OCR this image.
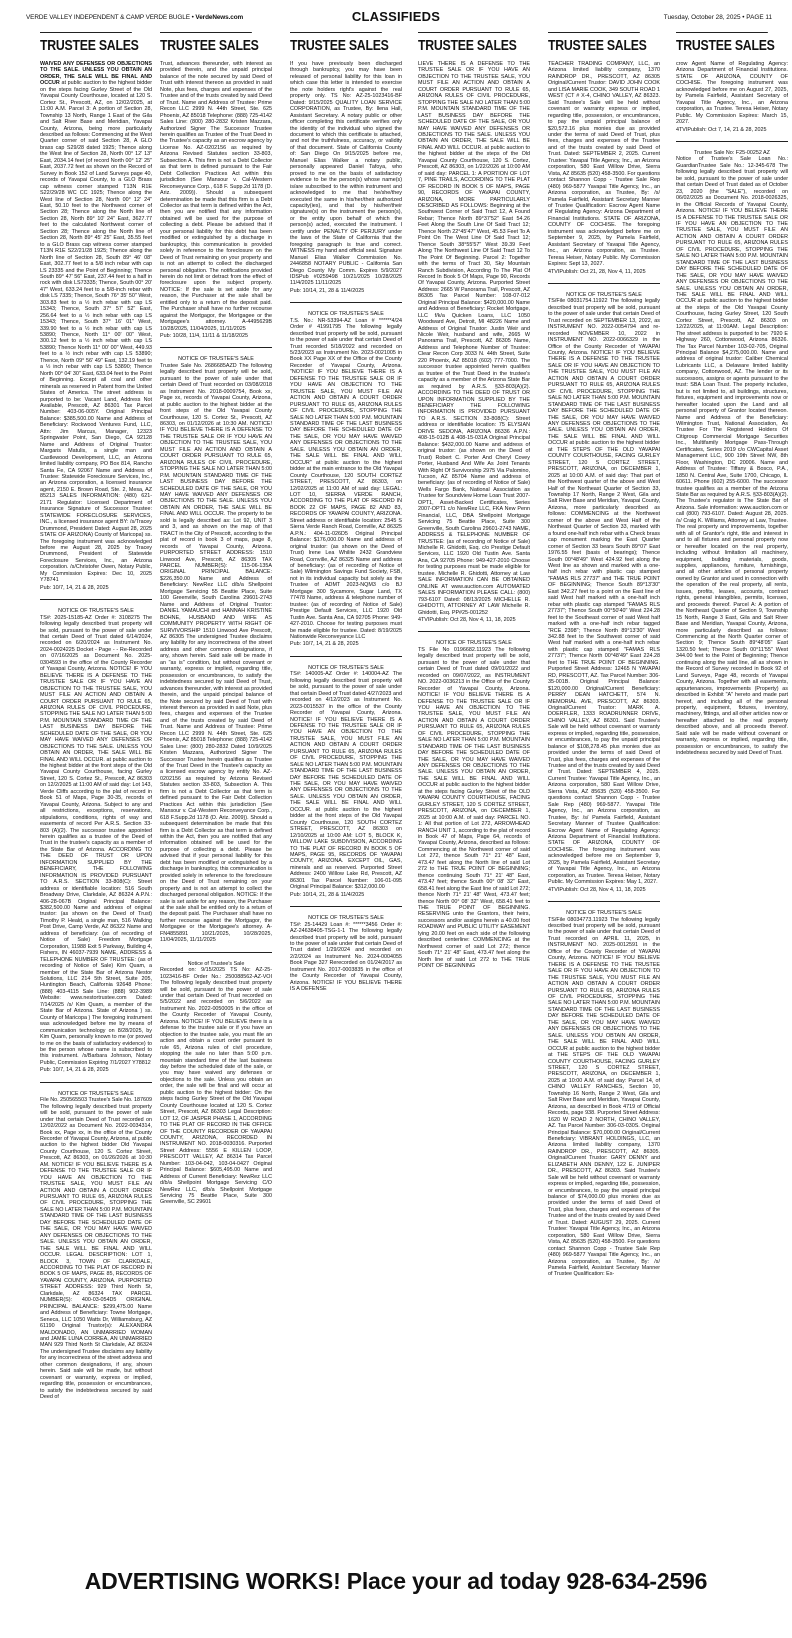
VERDE VALLEY INDEPENDENT & CAMP VERDE BUGLE • VerdeNews.com	CLASSIFIEDS	Tuesday, October 28, 2025 • PAGE 11
TRUSTEE SALES

WAIVED ANY DEFENSES OR OBJECTIONS TO THE SALE. UNLESS YOU OBTAIN AN ORDER, THE SALE WILL BE FINAL AND OCCUR at public auction to the highest bidder on the steps facing Gurley Street of the Old Yavapai County Courthouse, located at 120 S. Cortez St., Prescott, AZ, on 12/02/2025, at 11:00 A.M. Parcel 3: A portion of Section 28, Township 13 North, Range 1 East of the Gila and Salt River Base and Meridian, Yavapai County, Arizona, being more particularly described as follows: Commencing at the West Quarter corner of said Section 28, A GLO brass cap S29/28 dated 1925; Thence along the West line of Section 28, North 00° 12' 13" East, 2034.14 feet (of record North 00° 12' 25" East, 2037.72 feet as shown on the Record of Survey in Book 152 of Land Surveys page 40, records of Yavapai County, to a GLO Brass cap witness corner stamped T13N R1E S22/29/28 WC CC 1925; Thence along the West line of Section 28, North 00° 12' 24" East, 50.10 feet to the Northwest corner of Section 28; Thence along the North line of Section 28, North 89° 10' 24" East, 3627.77 feet to the calculated Northwest corner of Section 28; Thence along the North line of Section 28, North 89° 45' 25" East, 35.55 feet to a GLO Brass cap witness corner stamped T13N R1E S22/21/28 1925; Thence along the North line of Section 28, South 89° 46' 08" East, 302.77 feet to a 5/8 inch rebar with cap LS 23335 and the Point of Beginning; Thence South 89° 47' 56" East, 237.44 feet to a half in rock with disk LS73335; Thence, South 00° 20' 47" West, 633.24 feet to a 5/8-inch rebar with disk LS 7335; Thence, South 76° 35' 50" West, 303.83 feet to a ½ inch rebar with cap LS 15343; Thence, South 37° 57' 52" East, 256.64 feet to a ½ inch rebar with cap LS 15343; Thence, South 37° 16' 01" West, 339.90 feet to a ½ inch rebar with cap LS 53890; Thence, North 11° 00' 00" West, 300.12 feet to a ½ inch rebar with cap LS 53890; Thence North 11° 00' 00" West, 449.93 feet to a ½ inch rebar with cap LS 53890; Thence, North 09° 56' 49" East, 132.19 feet to a ½ inch rebar with cap LS 53890; Thence North 00° 04' 30" East, 633.04 feet to the Point of Beginning. Except all coal and other minerals as reserved in Patent from the United States of America. The street address is purported to be: Vacant Land, Address Not Available, Prescott, AZ 86301 Tax Parcel Number: 403-06-005Y. Original Principal Balance: $385,500.00 Name and Address of Beneficiary: Rockwood Ventures Fund, LLC, Attn: Jim Marcus, Manager, 12323 Springwater Point, San Diego, CA 92128 Name and Address of Original Trustor: Margaris Matulis, a single man and Castlewood Development, LLC, an Arizona limited liability company, PO Box 814, Rancho Santa Fe, CA 92067 Name and Address of Trustee: Statewide Foreclosure Services, Inc., an Arizona corporation, a licensed insurance agent, 2150 E. Brown Road, Ste. 2, Mesa, AZ 85213 SALES INFORMATION: (480) 621-2171 Regulator: Licensed Department of Insurance Signature of Successor Trustee: STATEWIDE FORECLOSURE SERVICES, INC., a licensed insurance agent BY: /s/Tracey Drummond, President Dated: August 28, 2025 STATE OF ARIZONA) County of Maricopa) ss. The foregoing instrument was acknowledged before me August 28, 2025 by Tracey Drummond, President of Statewide Foreclosure Services, Inc., an Arizona corporation. /s/Christofer Owen, Notary Public, My Commission Expires: Dec 10, 2025 Y78741

Pub: 10/7, 14, 21 & 28, 2025

NOTICE OF TRUSTEE'S SALE

TS#: 2025-15185-AZ Order #: 3108275 The following legally described trust property will be sold, pursuant to the power of sale under that certain Deed of Trust dated 6/14/2024, recorded on 6/20/2024 as Instrument No. 2024-0024225 Docket - Page - - Re-Recorded on 07/16/2025 as Document No. 2025-0304593 in the office of the County Recorder of Yavapai County, Arizona. NOTICE! IF YOU BELIEVE THERE IS A DEFENSE TO THE TRUSTEE SALE OR IF YOU HAVE AN OBJECTION TO THE TRUSTEE SALE, YOU MUST FILE AN ACTION AND OBTAIN A COURT ORDER PURSUANT TO RULE 65, ARIZONA RULES OF CIVIL PROCEDURE, STOPPING THE SALE NO LATER THAN 5:00 P.M. MOUNTAIN STANDARD TIME OF THE LAST BUSINESS DAY BEFORE THE SCHEDULED DATE OF THE SALE, OR YOU MAY HAVE WAIVED ANY DEFENSES OR OBJECTIONS TO THE SALE. UNLESS YOU OBTAIN AN ORDER, THE SALE WILL BE FINAL AND WILL OCCUR. at public auction to the highest bidder at the front steps of the Old Yavapai County Courthouse, facing Gurley Street, 120 S. Cortez St., Prescott, AZ 86303 on 12/2/2025 at 11:00 AM of said day: Lot 143, Verde Cliffs according to the plat of record in Book 51 of Maps, Page 30-35, records of Yavapai County, Arizona. Subject to any and all restrictions, exceptions, reservations, stipulations, conditions, rights of way and easements of record Per A.R.S. Section 33-803 (A)(2). The successor trustee appointed herein qualifies as a trustee of the Deed of Trust in the trustee's capacity as a member of the State Bar of Arizona. ACCORDING TO THE DEED OF TRUST OR UPON INFORMATION SUPPLIED BY THE BENEFICIARY, THE FOLLOWING INFORMATION IS PROVIDED PURSUANT TO A.R.S. SECTION 33-808(C): Street address or identifiable location: 516 South Broadway Drive, Clarkdale, AZ 86324 A.P.N.: 406-28-067B Original Principal Balance: $382,500.00 Name and address of original trustor: (as shown on the Deed of Trust) Timothy P. Heald, a single man, 516 Walking Post Drive, Camp Verde, AZ 86322 Name and address of beneficiary: (as of recording of Notice of Sale) Freedom Mortgage Corporation, 11988 Exit 5 Parkway, Building 4, Fishers, IN 46037-7939 NAME, ADDRESS & TELEPHONE NUMBER OF TRUSTEE: (as of recording of Notice of Sale) Kim Quam, a member of the State Bar of Arizona Nestor Solutions, LLC 214 5th Street, Suite 205, Huntington Beach, California 92648 Phone: (888) 403-4115 Sale Line: (888) 902-3989 Website: www.nestortrustee.com Dated: 7/14/2025 /s/ Kim Quam, a member of the State Bar of Arizona. State of Arizona ) ss. County of Maricopa ) The foregoing instrument was acknowledged before me by means of communication technology on 8/28/2025, by Kim Quam, personally known to me (or proved to me on the basis of satisfactory evidence) to be the person whose name is subscribed to this instrument. /s/Barbara Johnson, Notary Public, Commission Expiring 7/1/2027 Y78812

Pub: 10/7, 14, 21 & 28, 2025

NOTICE OF TRUSTEE'S SALE

File No. 250565503 Trustee's Sale No. 187609 The following legally described trust property will be sold, pursuant to the power of sale under that certain Deed of Trust recorded on 12/02/2022 as Document No. 2022-0034314, Book xx, Page xx, in the office of the County Recorder of Yavapai County, Arizona, at public auction to the highest bidder Old Yavapai County Courthouse, 120 S. Cortez Street, Prescott, AZ 86303, on 01/26/2026 at 10:30 AM. NOTICE! IF YOU BELIEVE THERE IS A DEFENSE TO THE TRUSTEE SALE OR IF YOU HAVE AN OBJECTION TO THE TRUSTEE SALE, YOU MUST FILE AN ACTION AND OBTAIN A COURT ORDER PURSUANT TO RULE 65, ARIZONA RULES OF CIVIL PROCEDURE, STOPPING THE SALE NO LATER THAN 5:00 P.M. MOUNTAIN STANDARD TIME OF THE LAST BUSINESS DAY BEFORE THE SCHEDULED DATE OF THE SALE, OR YOU MAY HAVE WAIVED ANY DEFENSES OR OBJECTIONS TO THE SALE. UNLESS YOU OBTAIN AN ORDER, THE SALE WILL BE FINAL AND WILL OCCUR. LEGAL DESCRIPTION: LOT 1, BLOCK 3, TOWN OF CLARKDALE, ACCORDING TO THE PLAT OF RECORD IN BOOK 5 OF MAPS, PAGE 85, RECORDS OF YAVAPAI COUNTY, ARIZONA. PURPORTED STREET ADDRESS: 929 Third North St, Clarkdale, AZ 86324 TAX PARCEL NUMBER(S): 400-03-054D5 ORIGINAL PRINCIPAL BALANCE: $299,475.00 Name and Address of Beneficiary: Towne Mortgage, Seneca, LLC 1050 Watts Dr, Williamsburg, AZ 61190 Original Trustor(s): ALEXANDRA MALDONADO, AN UNMARRIED WOMAN and JAMIE LUNA CORREA, AN UNMARRIED MAN 929 Third North St Clarkdale, AZ 86324 The undersigned Trustee disclaims any liability for any incorrectness of the street address and other common designations, if any, shown herein. Said sale will be made, but without covenant or warranty, express or implied, regarding title, possession or encumbrances, to satisfy the indebtedness secured by said Deed of

TRUSTEE SALES

Trust, advances thereunder, with interest as provided therein, and the unpaid principal balance of the note secured by said Deed of Trust with interest thereon as provided in said Note, plus fees, charges and expenses of the Trustee and of the trusts created by said Deed of Trust. Name and Address of Trustee: Prime Recon LLC 2999 N. 44th Street, Ste. 625 Phoenix, AZ 85018 Telephone: (888) 725-4142 Sales Line: (800) 280-2832 Kristen Mazzara, Authorized Signer The Successor Trustee herein qualifies as Trustee of the Trust Deed in the Trustee's capacity as an escrow agency by License No. AZ-0202156 as required by Arizona Revised Statutes section 33-803, Subsection A. This firm is not a Debt Collector as that term is defined pursuant to the Fair Debt Collection Practices Act within this jurisdiction (See Mansour v. Cal-Western Reconveyance Corp., 618 F. Supp.2d 1178 (D. Ariz. 2009)). Should a subsequent determination be made that this firm is a Debt Collector as that term is defined within the Act, then you are notified that any information obtained will be used for the purpose of collecting a debt. Please be advised that if your personal liability for this debt has been modified or extinguished by a discharge in bankruptcy, this communication is provided solely in reference to the foreclosure on the Deed of Trust remaining on your property and is not an attempt to collect the discharged personal obligation. The notifications provided herein do not limit or detract from the effect of foreclosure upon the subject property. NOTICE: If the sale is set aside for any reason, the Purchaser at the sale shall be entitled only to a return of the deposit paid. The Purchaser shall have no further recourse against the Mortgagor, the Mortgagee or the Mortgagee's attorney. A-4495629B 10/28/2025, 11/04/2025, 11/11/2025

Pub: 10/28, 11/4, 11/11 & 11/18/2025

NOTICE OF TRUSTEE'S SALE

Trustee Sale No. 2686685AZD The following legally described trust property will be sold, pursuant to the power of sale under that certain Deed of Trust recorded on 03/08/2018 as Instrument No. 2018-0009754, Book xx, Page xx, records of Yavapai County, Arizona, at public auction to the highest bidder at the front steps of the Old Yavapai County Courthouse, 120 S. Cortez St., Prescott, AZ 86303, on 01/12/2026 at 10:30 AM. NOTICE! IF YOU BELIEVE THERE IS A DEFENSE TO THE TRUSTEE SALE OR IF YOU HAVE AN OBJECTION TO THE TRUSTEE SALE, YOU MUST FILE AN ACTION AND OBTAIN A COURT ORDER PURSUANT TO RULE 65, ARIZONA RULES OF CIVIL PROCEDURE, STOPPING THE SALE NO LATER THAN 5:00 P.M. MOUNTAIN STANDARD TIME OF THE LAST BUSINESS DAY BEFORE THE SCHEDULED DATE OF THE SALE, OR YOU MAY HAVE WAIVED ANY DEFENSES OR OBJECTIONS TO THE SALE. UNLESS YOU OBTAIN AN ORDER, THE SALE WILL BE FINAL AND WILL OCCUR. The property to be sold is legally described as: Lot 92, UNIT 3 and 3, and as shown on the map of that TRACT in the City of Prescott, according to the plat of record in book 3 of maps, page 8, records of Yavapai County, Arizona. PURPORTED STREET ADDRESS: 1510 Linwood Ave, Prescott, AZ 86305 TAX PARCEL NUMBER(S): 115-06-135A ORIGINAL PRINCIPAL BALANCE: $226,350.00 Name and Address of Beneficiary: NewRez LLC d/b/a Shellpoint Mortgage Servicing 55 Beattie Place, Suite 100 Greenville, South Carolina 29601-2743 Name and Address of Original Trustor: DANIEL YAMAUCHI and HANNAH KRISTINE BOHNE, HUSBAND AND WIFE AS COMMUNITY PROPERTY WITH RIGHT OF SURVIVORSHIP 1510 Linwood Ave Prescott, AZ 86305 The undersigned Trustee disclaims any liability for any incorrectness of the street address and other common designations, if any, shown herein. Said sale will be made in an "as is" condition, but without covenant or warranty, express or implied, regarding title, possession or encumbrances, to satisfy the indebtedness secured by said Deed of Trust, advances thereunder, with interest as provided therein, and the unpaid principal balance of the Note secured by said Deed of Trust with interest thereon as provided in said Note, plus fees, charges and expenses of the Trustee and of the trusts created by said Deed of Trust. Name and Address of Trustee: Prime Recon LLC 2999 N. 44th Street, Ste. 625 Phoenix, AZ 85018 Telephone: (888) 725-4142 Sales Line: (800) 280-2832 Dated 10/9/2025 Kristen Mazzara, Authorized Signer The Successor Trustee herein qualifies as Trustee of the Trust Deed in the Trustee's capacity as a licensed escrow agency by entity No. AZ-0202156 as required by Arizona Revised Statutes section 33-803, Subsection A. This firm is not a Debt Collector as that term is defined pursuant to the Fair Debt Collection Practices Act within this jurisdiction (See Mansour v. Cal-Western Reconveyance Corp., 618 F.Supp.2d 1178 (D. Ariz. 2009)). Should a subsequent determination be made that this firm is a Debt Collector as that term is defined within the Act, then you are notified that any information obtained will be used for the purpose of collecting a debt. Please be advised that if your personal liability for this debt has been modified or extinguished by a discharge in bankruptcy, this communication is provided solely in reference to the foreclosure on the Deed of Trust remaining on your property and is not an attempt to collect the discharged personal obligation. NOTICE: If the sale is set aside for any reason, the Purchaser at the sale shall be entitled only to a return of the deposit paid. The Purchaser shall have no further recourse against the Mortgagor, the Mortgagee or the Mortgagee's attorney. A-FN4855891 10/21/2025, 10/28/2025, 11/04/2025, 11/11/2025

Notice of Trustee's Sale

Recorded on: 9/15/2025 TS No: AZ-25-1023416-BF Order No.: 250088562-AZ-VOI The following legally described trust property will be sold, pursuant to the power of sale under that certain Deed of Trust recorded on 5/5/2022 and recorded on 5/6/2022 as Instrument No. 2022-0050005 in the office of the County Recorder of Yavapai County, Arizona. NOTICE! IF YOU BELIEVE there is a defense to the trustee sale or if you have an objection to the trustee sale, you must file an action and obtain a court order pursuant to rule 65, Arizona rules of civil procedure, stopping the sale no later than 5:00 p.m. mountain standard time of the last business day before the scheduled date of the sale, or you may have waived any defenses or objections to the sale. Unless you obtain an order, the sale will be final and will occur at public auction to the highest bidder: On the steps facing Gurley Street of the Old Yavapai County Courthouse located at 120 S. Cortez Street, Prescott, AZ 86303 Legal Description: LOT 12, OF JASPER PHASE 1, ACCORDING TO THE PLAT OF RECORD IN THE OFFICE OF THE COUNTY RECORDER OF YAVAPAI COUNTY, ARIZONA, RECORDED IN INSTRUMENT NO. 2018-0030316. Purported Street Address: 5556 E KILLEN LOOP, PRESCOTT VALLEY, AZ 86314 Tax Parcel Number: 103-04-042, 103-04-0427 Original Principal Balance: $605,495.00 Name and Address of Current Beneficiary: NewRez LLC d/b/a Shellpoint Mortgage Servicing C/O NewRez LLC, d/b/a Shellpoint Mortgage Servicing 75 Beattie Place, Suite 300 Greenville, SC 29601

TRUSTEE SALES

If you have previously been discharged through bankruptcy, you may have been released of personal liability for this loan in which case this letter is intended to exercise the note holders right's against the real property only. TS No: AZ-25-1023416-BF Dated: 9/15/2025 QUALITY LOAN SERVICE CORPORATION, as Trustee, By: Ilena Hall, Assistant Secretary. A notary public or other officer completing this certificate verifies only the identity of the individual who signed the document to which this certificate is attached, and not the truthfulness, accuracy, or validity of that document. State of California County of: San Diego On 9/15/2025 before me, Manuel Elias Walker a notary public, personally appeared Daniel Tafoya, who proved to me on the basis of satisfactory evidence to be the person(s) whose name(s) is/are subscribed to the within instrument and acknowledged to me that he/she/they executed the same in his/her/their authorized capacity(ies), and that by his/her/their signature(s) on the instrument the person(s), or the entity upon behalf of which the person(s) acted, executed the instrument. I certify under PENALTY OF PERJURY under the laws of the State of California that the foregoing paragraph is true and correct. WITNESS my hand and official seal. Signature Manuel Elias Walker Commission No. 2446858 NOTARY PUBLIC - California San Diego County My Comm. Expires 5/9/2027 IDSPub #0259498 10/21/2025 10/28/2025 11/4/2025 11/11/2025

Pub: 10/14, 21, 28 & 11/4/2025

NOTICE OF TRUSTEE'S SALE

T.S. No.: NR-53394-AZ Loan # ******4/24 Order # 41991795 The following legally described trust property will be sold, pursuant to the power of sale under that certain Deed of Trust recorded 5/18/2022 and recorded on 5/23/2023 as Instrument No. 2023-0021005 in Book XX Page XX of the Office of the County Recorder of Yavapai County, Arizona. "NOTICE! IF YOU BELIEVE THERE IS A DEFENSE TO THE TRUSTEE SALE OR IF YOU HAVE AN OBJECTION TO THE TRUSTEE SALE, YOU MUST FILE AN ACTION AND OBTAIN A COURT ORDER PURSUANT TO RULE 65, ARIZONA RULES OF CIVIL PROCEDURE, STOPPING THE SALE NO LATER THAN 5:00 P.M. MOUNTAIN STANDARD TIME OF THE LAST BUSINESS DAY BEFORE THE SCHEDULED DATE OF THE SALE, OR YOU MAY HAVE WAIVED ANY DEFENSES OR OBJECTIONS TO THE SALE. UNLESS YOU OBTAIN AN ORDER, THE SALE WILL BE FINAL AND WILL OCCUR" at public auction to the highest bidder at the main entrance to the Old Yavapai County Courthouse, 120 SOUTH CORTEZ STREET, PRESCOTT, AZ 86303, on 12/02/2025 at 11:00 AM of said day: LEGAL: LOT 10, SIERRA VERDE RANCH, ACCORDING TO THE PLAT OF RECORD IN BOOK 22 OF MAPS, PAGE 82 AND 83, RECORDS OF YAVAPAI COUNTY, ARIZONA. Street address or identifiable location: 2545 S Sierra Verde Ranch Road, Cornville, AZ 86325 A.P.N.: 404-11-026D5 Original Principal Balance: $176,000.00 Name and address of original trustor: (as shown on the Deed of Trust) Irene Lea Whilite 2432 Grandview Road, Cornville, AZ 86325 Name and address of beneficiary: (as of recording of Notice of Sale) Wilmington Savings Fund Society, FSB, not in its individual capacity but solely as the Trustee of ADMT 2023-NQM3 c/o BJ Mortgage 300 Sycamore, Sugar Land, TX 77478 Name, address & telephone number of trustee: (as of recording of Notice of Sale) Prestige Default Services, LLC 1920 Old Tustin Ave. Santa Ana, CA 92705 Phone: 949-427-2010. Choose for testing purposes must be made eligible for trustee. Dated: 8/19/2025 Nationwide Reconveyance LLC

Pub: 10/7, 14, 21 & 28, 2025

NOTICE OF TRUSTEE'S SALE

TS#: 140005-AZ Order #: 140004-AZ The following legally described trust property will be sold, pursuant to the power of sale under that certain Deed of Trust dated 4/27/2023 and recorded on 4/12/2023 as Instrument No. 2023-0015537 in the office of the County Recorder of Yavapai County, Arizona. NOTICE! IF YOU BELIEVE THERE IS A DEFENSE TO THE TRUSTEE SALE OR IF YOU HAVE AN OBJECTION TO THE TRUSTEE SALE, YOU MUST FILE AN ACTION AND OBTAIN A COURT ORDER PURSUANT TO RULE 65, ARIZONA RULES OF CIVIL PROCEDURE, STOPPING THE SALE NO LATER THAN 5:00 P.M. MOUNTAIN STANDARD TIME OF THE LAST BUSINESS DAY BEFORE THE SCHEDULED DATE OF THE SALE, OR YOU MAY HAVE WAIVED ANY DEFENSES OR OBJECTIONS TO THE SALE. UNLESS YOU OBTAIN AN ORDER, THE SALE WILL BE FINAL AND WILL OCCUR. at public auction to the highest bidder at the front steps of the Old Yavapai County Courthouse, 120 SOUTH CORTEZ STREET, PRESCOTT, AZ 86303 on 12/10/2025 at 10:00 AM: LOT 5, BLOCK K, WILLOW LAKE SUBDIVISION, ACCORDING TO THE PLAT OF RECORD IN BOOK 5 OF MAPS, PAGE 95, RECORDS OF YAVAPAI COUNTY, ARIZONA. EXCEPT OIL, GAS, minerals and as reserved. Purported Street Address: 2400 Willow Lake Rd, Prescott, AZ 86301 Tax Parcel Number: 106-01-095 Original Principal Balance: $312,000.00

Pub: 10/14, 21, 28 & 11/4/2025

NOTICE OF TRUSTEE'S SALE

TS#: 25-14429 Loan #: ******3456 Order #: AZ-24638405-TSG-1-1 The following legally described trust property will be sold, pursuant to the power of sale under that certain Deed of Trust dated 1/29/2024 and recorded on 2/2/2024 as Instrument No. 2024-0004055 Book Page 327 Rerecorded on 01/24/2017 as Instrument No. 2017-0003835 in the office of the County Recorder of Yavapai County, Arizona. NOTICE! IF YOU BELIEVE THERE IS A DEFENSE

TRUSTEE SALES

LIEVE THERE IS A DEFENSE TO THE TRUSTEE SALE OR IF YOU HAVE AN OBJECTION TO THE TRUSTEE SALE, YOU MUST FILE AN ACTION AND OBTAIN A COURT ORDER PURSUANT TO RULE 65, ARIZONA RULES OF CIVIL PROCEDURE, STOPPING THE SALE NO LATER THAN 5:00 P.M. MOUNTAIN STANDARD TIME OF THE LAST BUSINESS DAY BEFORE THE SCHEDULED DATE OF THE SALE, OR YOU MAY HAVE WAIVED ANY DEFENSES OR OBJECTIONS TO THE SALE. UNLESS YOU OBTAIN AN ORDER, THE SALE WILL BE FINAL AND WILL OCCUR. at public auction to the highest bidder at the steps of the Old Yavapai County Courthouse, 120 S. Cortez, Prescott, AZ 86303, on 1/22/2026 at 10:00 AM of said day: PARCEL 1: A PORTION OF LOT 7, PINE TRAILS, ACCORDING TO THE PLAT OF RECORD IN BOOK 5 OF MAPS, PAGE 90, RECORDS OF YAVAPAI COUNTY, ARIZONA, MORE PARTICULARLY DESCRIBED AS FOLLOWS: Beginning at the Southwest Corner of Said Tract 12, A Found Rebar; Thence North 89°37'52" East 54.26 Feet Along the South Line Of Said Tract 12; Thence North 22°45'47" West, 45.53 Feet To A Point On The West Line Of Said Tract 12; Thence South 38°55'57" West 39.39 Feet Along The Northwest Line Of Said Tract 12 To The Point Of Beginning. Parcel 2: Together with the terms of Tract 30, Sky Mountain Ranch Subdivision, According To The Plat Of Record In Book 5 Of Maps, Page 90, Records Of Yavapai County, Arizona. Purported Street Address: 2665 W Panorama Trail, Prescott, AZ 86305 Tax Parcel Number: 108-07-012 Original Principal Balance: $420,000.00 Name and Address of Beneficiary: Rocket Mortgage, LLC f/k/a Quicken Loans, LLC 1050 Woodward Ave, Detroit, MI 48226 Name and Address of Original Trustor: Justin Weir and Nicole Weir, husband and wife, 2665 W Panorama Trail, Prescott, AZ 86305 Name, Address and Telephone Number of Trustee: Clear Recon Corp 3033 N. 44th Street, Suite 220 Phoenix, AZ 85018 (602) 777-7000. The successor trustee appointed herein qualifies as trustee of the Trust Deed in the trustee's capacity as a member of the Arizona State Bar as required by A.R.S. §33-803(A)(2). ACCORDING TO THE DEED OF TRUST OR UPON INFORMATION SUPPLIED BY THE BENEFICIARY THE FOLLOWING INFORMATION IS PROVIDED PURSUANT TO A.R.S. SECTION 33-808(C): Street address or identifiable location: 75 ELYSIAN DRIVE SEDONA, ARIZONA 86336 A.P.N.: 408-15-012B & 408-15-031A Original Principal Balance: $432,000.00 Name and address of original trustor: (as shown on the Deed of Trust) Robert C. Porter And Cheryl Covey Porter, Husband And Wife As Joint Tenants With Right Of Survivorship 2975 Via Palomino, Tucson, AZ 85704 Name and address of beneficiary: (as of recording of Notice of Sale) Wells Fargo Bank, National Association as Trustee for Soundview Home Loan Trust 2007-OPT1, Asset-Backed Certificates, Series 2007-OPT1 c/o NewRez LLC, FKA New Penn Financial, LLC, DBA Shellpoint Mortgage Servicing 75 Beattie Place, Suite 300 Greenville, South Carolina 29601-2743 NAME, ADDRESS & TELEPHONE NUMBER OF TRUSTEE: (as of recording of Notice of Sale) Michelle R. Ghidotti, Esq. c/o Prestige Default Services, LLC 1920 Old Tustin Ave. Santa Ana, CA 92705 Phone: 949-427-2010 Choose for testing purposes must be made eligible for trustee. Michelle R. Ghidotti, Attorney at Law SALE INFORMATION CAN BE OBTAINED ONLINE AT www.auction.com AUTOMATED SALES INFORMATION PLEASE CALL: (800) 793-6107 Dated: 08/13/2025 MICHELLE R. GHIDOTTI, ATTORNEY AT LAW Michelle R. Ghidotti, Esq. PP#25-001252

4TVIPublish: Oct 28, Nov 4, 11, 18, 2025

NOTICE OF TRUSTEE'S SALE

TS File No 0196682.11923 The following legally described trust property will be sold, pursuant to the power of sale under that certain Deed of Trust dated 09/01/2022 and recorded on 09/07/2022, as INSTRUMENT NO. 2022-0036213 in the Office of the County Recorder of Yavapai County, Arizona. NOTICE! IF YOU BELIEVE THERE IS A DEFENSE TO THE TRUSTEE SALE OR IF YOU HAVE AN OBJECTION TO THE TRUSTEE SALE, YOU MUST FILE AN ACTION AND OBTAIN A COURT ORDER PURSUANT TO RULE 65, ARIZONA RULES OF CIVIL PROCEDURE, STOPPING THE SALE NO LATER THAN 5:00 P.M. MOUNTAIN STANDARD TIME OF THE LAST BUSINESS DAY BEFORE THE SCHEDULED DATE OF THE SALE, OR YOU MAY HAVE WAIVED ANY DEFENSES OR OBJECTIONS TO THE SALE. UNLESS YOU OBTAIN AN ORDER, THE SALE WILL BE FINAL AND WILL OCCUR at public auction to the highest bidder at the steps facing Gurley Street of the OLD YAVAPAI COUNTY COURTHOUSE, FACING GURLEY STREET, 120 S CORTEZ STREET, PRESCOTT, ARIZONA, on DECEMBER 1, 2025 at 10:00 A.M. of said day: PARCEL NO. 1: All that portion of Lot 272, ARROWHEAD RANCH UNIT 1, according to the plat of record in Book 47 of Maps, Page 64, records of Yavapai County, Arizona, described as follows: Commencing at the Northwest corner of said Lot 272, thence South 71° 21' 48" East, 473.47 feet along the North line of said Lot 272 to THE TRUE POINT OF BEGINNING; thence continuing South 71° 21' 48" East, 473.47 feet; thence South 00° 08' 32" East, 658.41 feet along the East line of said Lot 272; thence North 71° 21' 48" West, 473.47 feet; thence North 00° 08' 32" West, 658.41 feet to THE TRUE POINT OF BEGINNING. RESERVING unto the Grantors, their heirs, successors and/or assigns herein a 40.00 foot ROADWAY and PUBLIC UTILITY EASEMENT lying 20.00 feet on each side of the following described centerline: COMMENCING at the Northwest corner of said Lot 272; thence South 71° 21' 48" East, 473.47 feet along the North line of said Lot 272 to THE TRUE POINT OF BEGINNING

TRUSTEE SALES

TEACHER TRADING COMPANY, LLC, an Arizona limited liability company, 1370 RAINDROP DR., PRESCOTT, AZ 86305 Original/Current Trustor: DAVID JOHN COOK and LISA MARIE COOK, 349 SOUTH ROAD 1 WEST (CT # X-4, CHINO VALLEY, AZ 86323. Said Trustee's Sale will be held without covenant or warranty express or implied, regarding title, possession, or encumbrances, to pay the unpaid principal balance of $20,572.16 plus monies due as provided under the terms of said Deed of Trust, plus fees, charges and expenses of the Trustee and of the trusts created by said Deed of Trust. Dated: SEPTEMBER 2, 2025. Current Trustee: Yavapai Title Agency, Inc., an Arizona corporation, 580 East Willow Drive, Sierra Vista, AZ 85635 (520) 458-3500. For questions contact Shannon Copp - Trustee Sale Rep (480) 969-5877 Yavapai Title Agency, Inc., an Arizona corporation, as Trustee, By: /s/ Pamela Fairfield, Assistant Secretary Manner of Trustee Qualification: Escrow Agent Name of Regulating Agency: Arizona Department of Financial Institutions. STATE OF ARIZONA, COUNTY OF COCHISE. The foregoing instrument was acknowledged before me on September 9, 2025, by Pamela Fairfield, Assistant Secretary of Yavapai Title Agency, Inc., an Arizona corporation, as Trustee. Teresa Heiser, Notary Public. My Commission Expires: Sept 13, 2027.

4TVIPublish: Oct 21, 28, Nov 4, 11, 2025

NOTICE OF TRUSTEE'S SALE

TS/File 08031754.11922 The following legally described trust property will be sold, pursuant to the power of sale under that certain Deed of Trust recorded on SEPTEMBER 13, 2022, as INSTRUMENT NO. 2022-0054794 and re-recorded NOVEMBER 10, 2022 in INSTRUMENT NO. 2022-0066329 in the Office of the County Recorder of YAVAPAI County, Arizona. NOTICE! IF YOU BELIEVE THERE IS A DEFENSE TO THE TRUSTEE SALE OR IF YOU HAVE AN OBJECTION TO THE TRUSTEE SALE, YOU MUST FILE AN ACTION AND OBTAIN A COURT ORDER PURSUANT TO RULE 65, ARIZONA RULES OF CIVIL PROCEDURE, STOPPING THE SALE NO LATER THAN 5:00 P.M. MOUNTAIN STANDARD TIME OF THE LAST BUSINESS DAY BEFORE THE SCHEDULED DATE OF THE SALE, OR YOU MAY HAVE WAIVED ANY DEFENSES OR OBJECTIONS TO THE SALE. UNLESS YOU OBTAIN AN ORDER, THE SALE WILL BE FINAL AND WILL OCCUR at public auction to the highest bidder at THE STEPS OF THE OLD YAVAPAI COUNTY COURTHOUSE, FACING GURLEY STREET, 120 S CORTEZ STREET, PRESCOTT, ARIZONA, on DECEMBER 1, 2025 at 10:00 A.M. of said day: That part of the Northwest quarter of the above and West Half of the Northeast Quarter of Section 33, Township 17 North, Range 2 West, Gila and Salt River Base and Meridian, Yavapai County, Arizona, more particularly described as follows: COMMENCING at the Northwest corner of the above and West Half of the Northeast Quarter of Section 33, marked with a found one-half inch rebar with a Check brass cap monument marking the East Quarter corner of Section 33 bears South 89°07' East 1976.55 feet (basis of bearings); Thence South 00°48'49" West 424.92 feet along the West line as shown and marked with a one-half inch rebar with plastic cap stamped "FAMAS RLS 27737" and THE TRUE POINT OF BEGINNING; Thence South 89°13'30" East 342.27 feet to a point on the East line of said West half marked with a one-half inch rebar with plastic cap stamped "FAMAS RLS 27737"; Thence South 00°50'40" West 224.28 feet to the Southeast corner of said West half marked with a one-half inch rebar tagged "RCE 2398"; Thence North 89°13'30" West 342.88 feet to the Southwest corner of said West half marked with a one-half inch rebar with plastic cap stamped "FAMAS RLS 27737"; Thence North 00°48'49" East 224.28 feet to THE TRUE POINT OF BEGINNING. Purported Street Address: 12465 N YAVAPAI RD, PRESCOTT, AZ. Tax Parcel Number: 306-35-001B. Original Principal Balance: $120,000.00 Original/Current Beneficiary: PERRY DEAN HATCHETT, 574 N. MEMORIAL AVE, PRESCOTT, AZ 86303. Original/Current Trustor: MARK A. DOERFLER, 1333 ROADRUNNER DRIVE, CHINO VALLEY, AZ 86301. Said Trustee's Sale will be held without covenant or warranty express or implied, regarding title, possession, or encumbrances, to pay the unpaid principal balance of $108,278.45 plus monies due as provided under the terms of said Deed of Trust, plus fees, charges and expenses of the Trustee and of the trusts created by said Deed of Trust. Dated: SEPTEMBER 4, 2025. Current Trustee: Yavapai Title Agency, Inc., an Arizona corporation, 580 East Willow Drive, Sierra Vista, AZ 85635 (520) 458-3500. For questions contact Shannon Copp - Trustee Sale Rep (480) 969-5877. Yavapai Title Agency, Inc., an Arizona corporation, as Trustee, By: /s/ Pamela Fairfield, Assistant Secretary Manner of Trustee Qualification: Escrow Agent Name of Regulating Agency: Arizona Department of Financial Institutions. STATE OF ARIZONA, COUNTY OF COCHISE. The foregoing instrument was acknowledged before me on September 9, 2025, by Pamela Fairfield, Assistant Secretary of Yavapai Title Agency, Inc., an Arizona corporation, as Trustee. Teresa Heiser, Notary Public. My Commission Expires: May 1, 2027.

4TVIPublish: Oct 28, Nov 4, 11, 18, 2025

NOTICE OF TRUSTEE'S SALE

TS/File 08034773.11923 The following legally described trust property will be sold, pursuant to the power of sale under that certain Deed of Trust recorded on APRIL 11, 2025, in INSTRUMENT NO. 2025-0012591 in the Office of the County Recorder of YAVAPAI County, Arizona. NOTICE! IF YOU BELIEVE THERE IS A DEFENSE TO THE TRUSTEE SALE OR IF YOU HAVE AN OBJECTION TO THE TRUSTEE SALE, YOU MUST FILE AN ACTION AND OBTAIN A COURT ORDER PURSUANT TO RULE 65, ARIZONA RULES OF CIVIL PROCEDURE, STOPPING THE SALE NO LATER THAN 5:00 P.M. MOUNTAIN STANDARD TIME OF THE LAST BUSINESS DAY BEFORE THE SCHEDULED DATE OF THE SALE, OR YOU MAY HAVE WAIVED ANY DEFENSES OR OBJECTIONS TO THE SALE. UNLESS YOU OBTAIN AN ORDER, THE SALE WILL BE FINAL AND WILL OCCUR at public auction to the highest bidder at THE STEPS OF THE OLD YAVAPAI COUNTY COURTHOUSE, FACING GURLEY STREET, 120 S CORTEZ STREET, PRESCOTT, ARIZONA, on DECEMBER 1, 2025 at 10:00 A.M. of said day: Parcel 14, of CHINO VALLEY RANCHES, Section 10, Township 16 North, Range 2 West, Gila and Salt River Base and Meridian, Yavapai County, Arizona, as described in Book 4719 of Official Records, page 938. Purported Street Address: 1620 W ROAD 2 NORTH, CHINO VALLEY, AZ. Tax Parcel Number: 306-03-030S. Original Principal Balance: $70,000.00 Original/Current Beneficiary: VIBRANT HOLDINGS, LLC, an Arizona limited liability company, 1370 RAINDROP DR., PRESCOTT, AZ 86305. Original/Current Trustor: GARY DENNY and ELIZABETH ANN DENNY, 122 E. JUNIPER DR., PRESCOTT, AZ 86303. Said Trustee's Sale will be held without covenant or warranty express or implied, regarding title, possession, or encumbrances, to pay the unpaid principal balance of $74,000.00 plus monies due as provided under the terms of said Deed of Trust, plus fees, charges and expenses of the Trustee and of the trusts created by said Deed of Trust. Dated: AUGUST 29, 2025. Current Trustee: Yavapai Title Agency, Inc., an Arizona corporation, 580 East Willow Drive, Sierra Vista, AZ 85635 (520) 458-3500. For questions contact Shannon Copp - Trustee Sale Rep (480) 969-5877 Yavapai Title Agency, Inc., an Arizona corporation, as Trustee, By: /s/ Pamela Fairfield, Assistant Secretary Manner of Trustee Qualification: Es-

TRUSTEE SALES

crow Agent Name of Regulating Agency: Arizona Department of Financial Institutions. STATE OF ARIZONA, COUNTY OF COCHISE. The foregoing instrument was acknowledged before me on August 27, 2025, by Pamela Fairfield, Assistant Secretary of Yavapai Title Agency, Inc., an Arizona corporation, as Trustee. Teresa Heiser, Notary Public. My Commission Expires: March 15, 2027.

4TVIPublish: Oct 7, 14, 21 & 28, 2025

Trustee Sale No: F25-00252 AZ

Notice of Trustee's Sale Loan No.: GuardianTrustee Sale No.: 12-345-678 The following legally described trust property will be sold, pursuant to the power of sale under that certain Deed of Trust dated as of October 23, 2020 (the "SALE"), recorded on 06/02/2025 as Document No. 2018-0026325, in the Official Records of Yavapai County, Arizona. NOTICE! IF YOU BELIEVE THERE IS A DEFENSE TO THE TRUSTEE SALE OR IF YOU HAVE AN OBJECTION TO THE TRUSTEE SALE, YOU MUST FILE AN ACTION AND OBTAIN A COURT ORDER PURSUANT TO RULE 65, ARIZONA RULES OF CIVIL PROCEDURE, STOPPING THE SALE NO LATER THAN 5:00 P.M. MOUNTAIN STANDARD TIME OF THE LAST BUSINESS DAY BEFORE THE SCHEDULED DATE OF THE SALE, OR YOU MAY HAVE WAIVED ANY DEFENSES OR OBJECTIONS TO THE SALE. UNLESS YOU OBTAIN AN ORDER, THE SALE WILL BE FINAL AND WILL OCCUR at public auction to the highest bidder at the steps of the Old Yavapai County Courthouse, facing Gurley Street, 120 South Cortez Street, Prescott, AZ 86303 on 12/22/2025, at 11:00AM. Legal Description: The street address is purported to be: 7920 E Highway 260, Cottonwood, Arizona 86326. The Tax Parcel Number 103-02-705, Original Principal Balance $4,275,000.00. Name and address of original trustor: Caliber Chemical Lubricants LLC, a Delaware limited liability company, Cottonwood, AZ. The lender or its successors, assigns or agents pursuant to the trust: SBA Loan Trust. The property includes, but is not limited to, all buildings, structures, fixtures, equipment and improvements now or hereafter located upon the Land and all personal property of Grantor located thereon. Name and Address of the Beneficiary: Wilmington Trust, National Association, As Trustee For The Registered Holders Of Citigroup Commercial Mortgage Securities Inc., Multifamily Mortgage Pass-Through Certificates, Series 2019 c/o CWCapital Asset Management LLC, 900 19th Street NW, 8th Floor, Washington, DC 20006. Name and Address of Trustee: Tiffany & Bosco, P.A., 1850 N. Central Ave, Suite 1700, Chicago, IL 60611. Phone (602) 255-6000. The successor trustee qualifies as a member of the Arizona State Bar as required by A.R.S. §33-803(A)(2). The Trustee's regulator is The State Bar of Arizona. Sale information: www.auction.com or call (800) 793-6107. Dated: August 28, 2025. /s/ Craig K. Williams, Attorney at Law, Trustee. The real property and improvements, together with all of Grantor's right, title and interest in and to all fixtures and personal property now or hereafter located on the real property, including without limitation all machinery, equipment, building materials, goods, supplies, appliances, furniture, furnishings, and all other articles of personal property owned by Grantor and used in connection with the operation of the real property, all rents, issues, profits, leases, accounts, contract rights, general intangibles, permits, licenses, and proceeds thereof. Parcel A: A portion of the Northeast Quarter of Section 9, Township 15 North, Range 3 East, Gila and Salt River Base and Meridian, Yavapai County, Arizona, more particularly described as follows: Commencing at the North Quarter corner of Section 9; Thence South 89°48'05" East 1320.50 feet; Thence South 00°11'55" West 344.00 feet to the Point of Beginning; Thence continuing along the said line, all as shown in the Record of Survey recorded in Book 92 of Land Surveys, Page 48, records of Yavapai County, Arizona. Together with all easements, appurtenances, improvements (Property) as described in Exhibit "A" hereto and made part hereof, and including all of the personal property, equipment, fixtures, inventory, machinery, fittings, and all other articles now or hereafter attached to the real property described above, and all proceeds thereof. Said sale will be made without covenant or warranty, express or implied, regarding title, possession or encumbrances, to satisfy the indebtedness secured by said Deed of Trust.

ADVERTISING WORKS! Place your ad today 928-634-2596
